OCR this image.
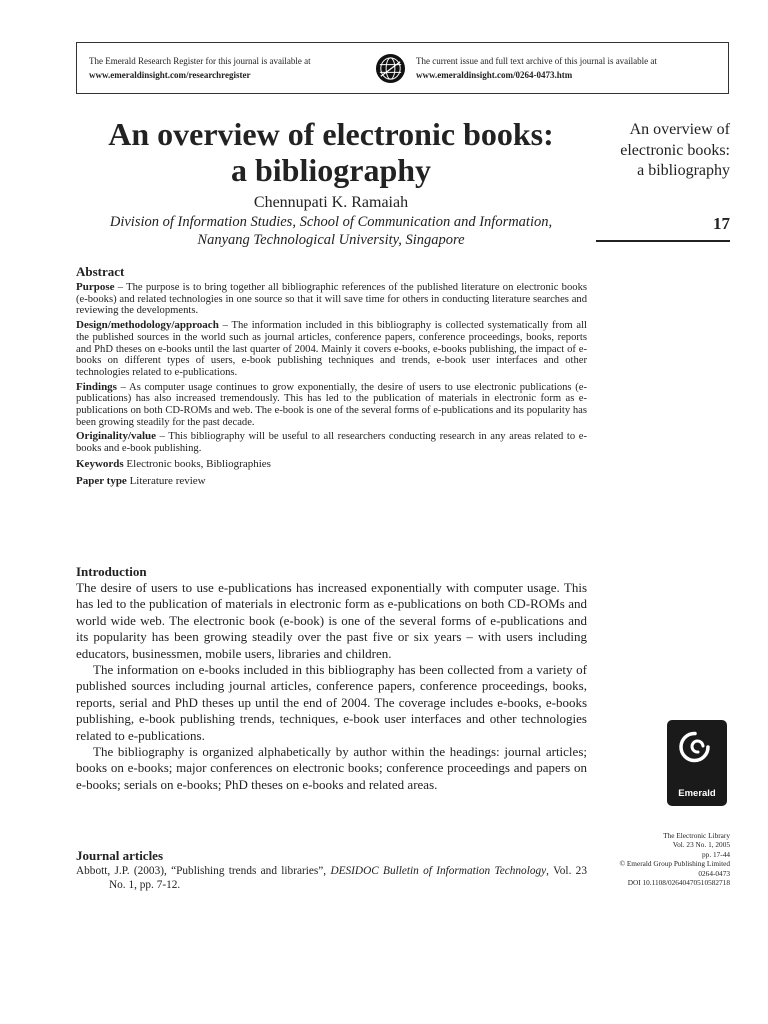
The Emerald Research Register for this journal is available at
www.emeraldinsight.com/researchregister
The current issue and full text archive of this journal is available at
www.emeraldinsight.com/0264-0473.htm
An overview of electronic books:
a bibliography
Chennupati K. Ramaiah
Division of Information Studies, School of Communication and Information,
Nanyang Technological University, Singapore
An overview of
electronic books:
a bibliography
17
Abstract

Purpose – The purpose is to bring together all bibliographic references of the published literature on electronic books (e-books) and related technologies in one source so that it will save time for others in conducting literature searches and reviewing the developments.

Design/methodology/approach – The information included in this bibliography is collected systematically from all the published sources in the world such as journal articles, conference papers, conference proceedings, books, reports and PhD theses on e-books until the last quarter of 2004. Mainly it covers e-books, e-books publishing, the impact of e-books on different types of users, e-book publishing techniques and trends, e-book user interfaces and other technologies related to e-publications.

Findings – As computer usage continues to grow exponentially, the desire of users to use electronic publications (e-publications) has also increased tremendously. This has led to the publication of materials in electronic form as e-publications on both CD-ROMs and web. The e-book is one of the several forms of e-publications and its popularity has been growing steadily for the past decade.

Originality/value – This bibliography will be useful to all researchers conducting research in any areas related to e-books and e-book publishing.

Keywords Electronic books, Bibliographies

Paper type Literature review

Introduction

The desire of users to use e-publications has increased exponentially with computer usage. This has led to the publication of materials in electronic form as e-publications on both CD-ROMs and world wide web. The electronic book (e-book) is one of the several forms of e-publications and its popularity has been growing steadily over the past five or six years – with users including educators, businessmen, mobile users, libraries and children.

The information on e-books included in this bibliography has been collected from a variety of published sources including journal articles, conference papers, conference proceedings, books, reports, serial and PhD theses up until the end of 2004. The coverage includes e-books, e-books publishing, e-book publishing trends, techniques, e-book user interfaces and other technologies related to e-publications.

The bibliography is organized alphabetically by author within the headings: journal articles; books on e-books; major conferences on electronic books; conference proceedings and papers on e-books; serials on e-books; PhD theses on e-books and related areas.

Journal articles

Abbott, J.P. (2003), “Publishing trends and libraries”, DESIDOC Bulletin of Information Technology, Vol. 23 No. 1, pp. 7-12.

Emerald
The Electronic Library
Vol. 23 No. 1, 2005
pp. 17-44
© Emerald Group Publishing Limited
0264-0473
DOI 10.1108/02640470510582718
